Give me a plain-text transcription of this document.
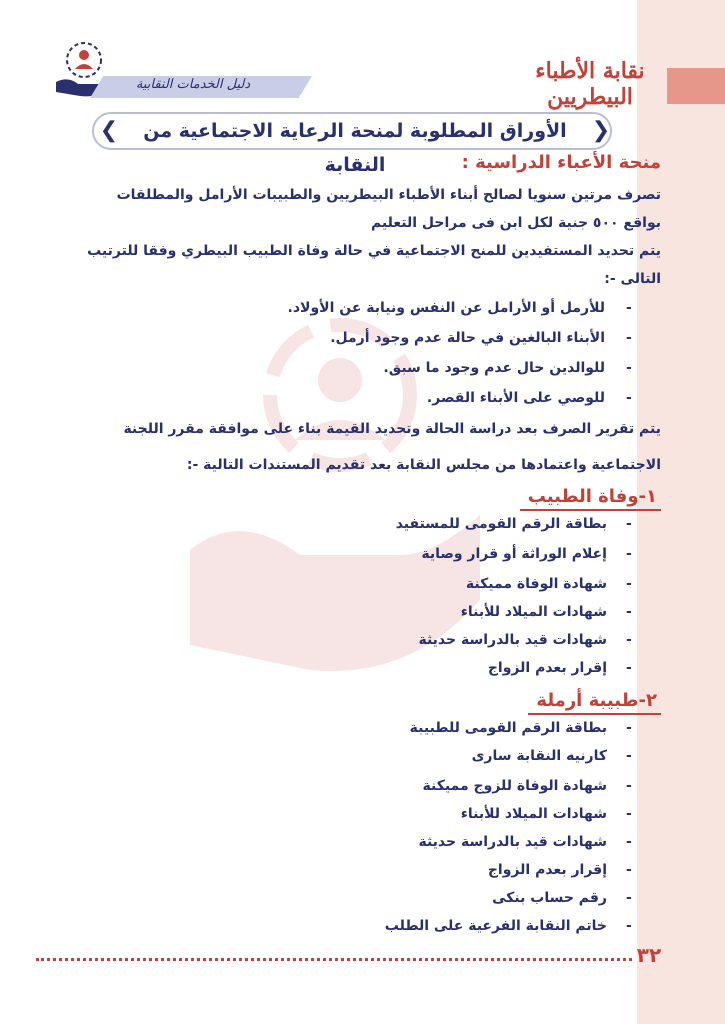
نقابة الأطباء البيطريين
دليل الخدمات النقابية
❮	❯
الأوراق المطلوبة لمنحة الرعاية الاجتماعية من النقابة	منحة الأعباء الدراسية :
تصرف مرتين سنويا لصالح أبناء الأطباء البيطريين والطبيبات الأرامل والمطلقات
بواقع ٥٠٠ جنية لكل ابن فى مراحل التعليم
يتم تحديد المستفيدين للمنح الاجتماعية في حالة وفاة الطبيب البيطري وفقا للترتيب
التالى -:
-
للأرمل أو الأرامل عن النفس ونيابة عن الأولاد.
-
الأبناء البالغين في حالة عدم وجود أرمل.
-
للوالدين حال عدم وجود ما سبق.
-
للوصي على الأبناء القصر.
يتم تقرير الصرف بعد دراسة الحالة وتحديد القيمة بناء على موافقة مقرر اللجنة
الاجتماعية واعتمادها من مجلس النقابة بعد تقديم المستندات التالية -:
١-وفاة الطبيب
-
بطاقة الرقم القومى للمستفيد
-
إعلام الوراثة أو قرار وصاية
-
شهادة الوفاة مميكنة
-
شهادات الميلاد للأبناء
-
شهادات قيد بالدراسة حديثة
-
إقرار بعدم الزواج
٢-طبيبة أرملة
-
بطاقة الرقم القومى للطبيبة
-
كارنيه النقابة سارى
-
شهادة الوفاة للزوج مميكنة
-
شهادات الميلاد للأبناء
-
شهادات قيد بالدراسة حديثة
-
إقرار بعدم الزواج
-
رقم حساب بنكى
-
خاتم النقابة الفرعية على الطلب
٣٢
